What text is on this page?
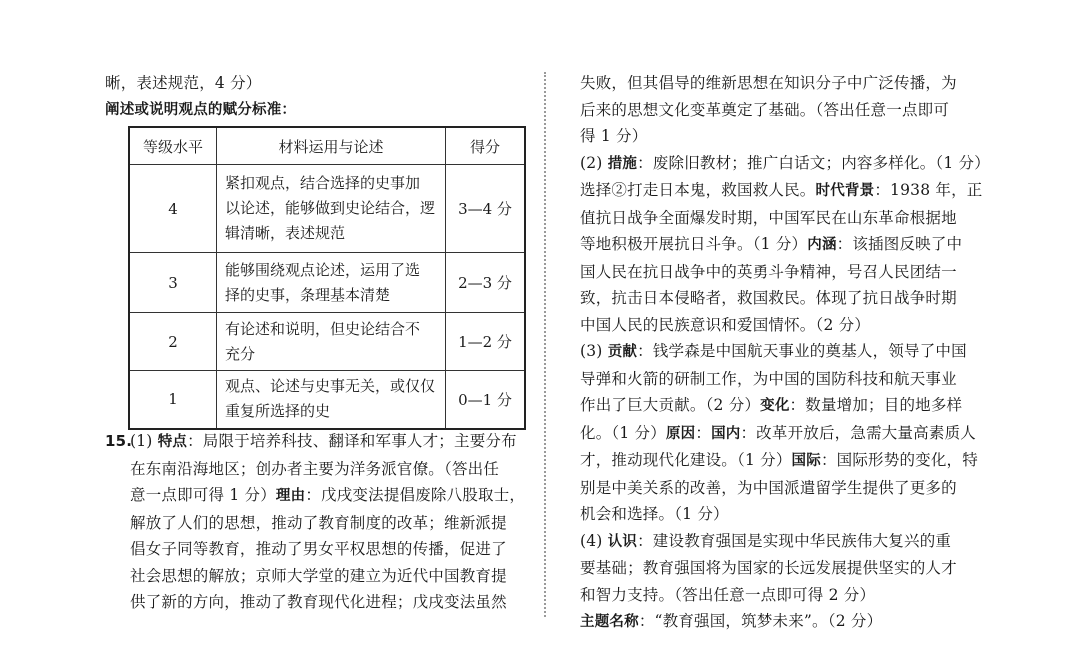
晰，表述规范，4 分）
阐述或说明观点的赋分标准：
等级水平	材料运用与论述	得分
4	紧扣观点，结合选择的史事加
以论述，能够做到史论结合，逻
辑清晰，表述规范	3—4 分
3	能够围绕观点论述，运用了选
择的史事，条理基本清楚	2—3 分
2	有论述和说明，但史论结合不
充分	1—2 分
1	观点、论述与史事无关，或仅仅
重复所选择的史	0—1 分
15.(1) 特点：局限于培养科技、翻译和军事人才；主要分布
在东南沿海地区；创办者主要为洋务派官僚。（答出任
意一点即可得 1 分）理由：戊戌变法提倡废除八股取士，
解放了人们的思想，推动了教育制度的改革；维新派提
倡女子同等教育，推动了男女平权思想的传播，促进了
社会思想的解放；京师大学堂的建立为近代中国教育提
供了新的方向，推动了教育现代化进程；戊戌变法虽然
失败，但其倡导的维新思想在知识分子中广泛传播，为
后来的思想文化变革奠定了基础。（答出任意一点即可
得 1 分）
(2) 措施：废除旧教材；推广白话文；内容多样化。（1 分）
选择②打走日本鬼，救国救人民。时代背景：1938 年，正
值抗日战争全面爆发时期，中国军民在山东革命根据地
等地积极开展抗日斗争。（1 分）内涵：该插图反映了中
国人民在抗日战争中的英勇斗争精神，号召人民团结一
致，抗击日本侵略者，救国救民。体现了抗日战争时期
中国人民的民族意识和爱国情怀。（2 分）
(3) 贡献：钱学森是中国航天事业的奠基人，领导了中国
导弹和火箭的研制工作，为中国的国防科技和航天事业
作出了巨大贡献。（2 分）变化：数量增加；目的地多样
化。（1 分）原因：国内：改革开放后，急需大量高素质人
才，推动现代化建设。（1 分）国际：国际形势的变化，特
别是中美关系的改善，为中国派遣留学生提供了更多的
机会和选择。（1 分）
(4) 认识：建设教育强国是实现中华民族伟大复兴的重
要基础；教育强国将为国家的长远发展提供坚实的人才
和智力支持。（答出任意一点即可得 2 分）
主题名称：“教育强国，筑梦未来”。（2 分）
